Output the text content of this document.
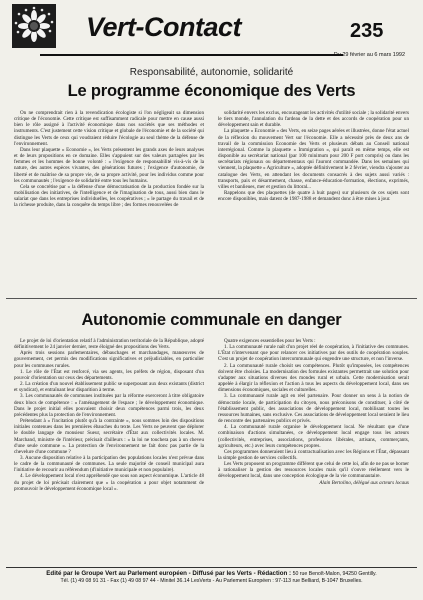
Vert-Contact	235
Du 29 février au 6 mars 1992
Responsabilité, autonomie, solidarité
Le programme économique des Verts

On ne comprendrait rien à la revendication écologiste si l'on négligeait sa dimension critique de l'économie. Cette critique est suffisamment radicale pour mettre en cause aussi bien le rôle assigné à l'activité économique dans nos sociétés que ses méthodes et instruments. C'est justement cette vision critique et globale de l'économie et de la société qui distingue les Verts de ceux qui voudraient réduire l'écologie au seul thème de la défense de l'environnement.

Dans leur plaquette « Economie », les Verts présentent les grands axes de leurs analyses et de leurs propositions en ce domaine. Elles s'appuient sur des valeurs partagées par les femmes et les hommes de bonne volonté : « l'exigence de responsabilité vis-à-vis de la nature, des autres espèces vivantes, des générations futures ; l'exigence d'autonomie, de liberté et de maîtrise de sa propre vie, de sa propre activité, pour les individus comme pour les communautés ; l'exigence de solidarité entre tous les humains.

Cela se concrétise par « la défense d'une démocratisation de la production fondée sur la mobilisation des initiatives, de l'intelligence et de l'imagination de tous, aussi bien dans le salariat que dans les entreprises individuelles, les coopératives ; » le partage du travail et de la richesse produite, dans la conquête du temps libre ; des formes renouvelées de

solidarité envers les exclus, encourageant les activités d'utilité sociale ; la solidarité envers le tiers monde, l'annulation du fardeau de la dette et des accords de coopération pour un développement sain et durable.

La plaquette « Economie » des Verts, en seize pages aérées et illustrées, donne l'état actuel de la réflexion du mouvement Vert sur l'économie. Elle a nécessité près de deux ans de travail de la commission Economie des Verts et plusieurs débats au Conseil national interrégional. Comme la plaquette « Immigration », qui paraît en même temps, elle est disponible au secrétariat national (par 100 minimum pour 200 F port compris) ou dans les secrétariats régionaux ou départementaux qui l'auront commandée. Dans les semaines qui viennent, la plaquette « Agriculture », adoptée définitivement le 2 février, viendra s'ajouter au catalogue des Verts, en attendant les documents consacrés à des sujets aussi variés : transports, paix et désarmement, chasse, enfance-éducation-formation, élections, exprimés, villes et banlieues, mer et gestion du littoral...

Rappelons que des plaquettes (de quatre à huit pages) sur plusieurs de ces sujets sont encore disponibles, mais datent de 1987-1988 et demandent donc à être mises à jour.

Autonomie communale en danger

Le projet de loi d'orientation relatif à l'administration territoriale de la République, adopté définitivement le 24 janvier dernier, reste éloigné des propositions des Verts.

Après trois sessions parlementaires, débauchages et marchandages, manœuvres de gouvernement, cet permis des modifications significatives et préjudiciables, en particulier pour les communes rurales.

1. Le rôle de l'État est renforcé, via ses agents, les préfets de région, disposant d'un pouvoir d'orientation sur ceux des départements.

2. La création d'un nouvel établissement public se superposant aux deux existants (district et syndicat), et entraînant leur disparition à terme.

3. Les communautés de communes instituées par la réforme exerceront à titre obligatoire deux blocs de compétence : « l'aménagement de l'espace ; le développement économique. Dans le projet initial elles pouvaient choisir deux compétences parmi trois, les deux précédentes plus la protection de l'environnement.

Prétendant à « l'incitation plutôt qu'à la contrainte », nous sommes loin des dispositions initiales contenues dans les premières ébauches du texte. Les Verts ne peuvent que déplorer le double langage de monsieur Sueur, secrétaire d'État aux collectivités locales. M. Marchand, ministre de l'intérieur, précisait d'ailleurs : « la loi ne touchera pas à un cheveu d'une seule commune ». La protection de l'environnement ne fait donc pas partie de la chevelure d'une commune ?

3. Aucune disposition relative à la participation des populations locales n'est prévue dans le cadre de la communauté de communes. La seule majorité de conseil municipal aura l'initiative de recourir au référendum (d'initiative municipale et non populaire).

4. Le développement local n'est appréhendé que sous son aspect économique. L'article 48 du projet de loi précisait clairement que « la coopération a pour objet notamment de promouvoir le développement économique local ».

Quatre exigences essentielles pour les Verts :

1. La communauté rurale naît d'un projet réel de coopération, à l'initiative des communes. L'État n'intervenant que pour relancer ces initiatives par des outils de coopération souples. C'est un projet de coopération intercommunale qui engendre une structure, et non l'inverse.

2. La communauté rurale choisit ses compétences. Plutôt qu'imposées, les compétences doivent être choisies. La modernisation des formules existantes permettrait une solution pour s'adapter aux situations diverses des mondes rural et urbain. Cette modernisation serait appelée à élargir la réflexion et l'action à tous les aspects du développement local, dans ses dimensions économiques, sociales et culturelles.

3. La communauté rurale agit en réel partenaire. Pour donner un sens à la notion de démocratie locale, de participation du citoyen, nous préconisons de constituer, à côté de l'établissement public, des associations de développement local, mobilisant toutes les ressources humaines, sans exclusive. Ces associations de développement local seraient le lieu de rencontre des partenaires publics et privés.

4. La communauté rurale organise le développement local. Ne résultant que d'une combinaison d'actions simultanées, ce développement local engage tous les acteurs (collectivités, entreprises, associations, professions libérales, artisans, commerçants, agriculteurs, etc.) avec leurs compétences propres.

Ces programmes donneraient lieu à contractualisation avec les Régions et l'État, dépassant la simple gestion de services collectifs.

Les Verts proposent un programme différent que celui de cette loi, afin de ne pas se borner à rationaliser la gestion des ressources locales mais qu'il s'ouvre réellement vers le développement local, dans une conception écologique de la vie communautaire.

Alain Bertolino, délégué aux acteurs locaux

Édité par le Groupe Vert au Parlement européen - Diffusé par les Verts - Rédaction : 50 rue Benoît-Malon, 94250 Gentilly.
Tél. (1) 49 08 91 31 - Fax (1) 49 08 97 44 - Minitel 36.14 LesVerts - Au Parlement Européen : 97-113 rue Belliard, B-1047 Bruxelles.
